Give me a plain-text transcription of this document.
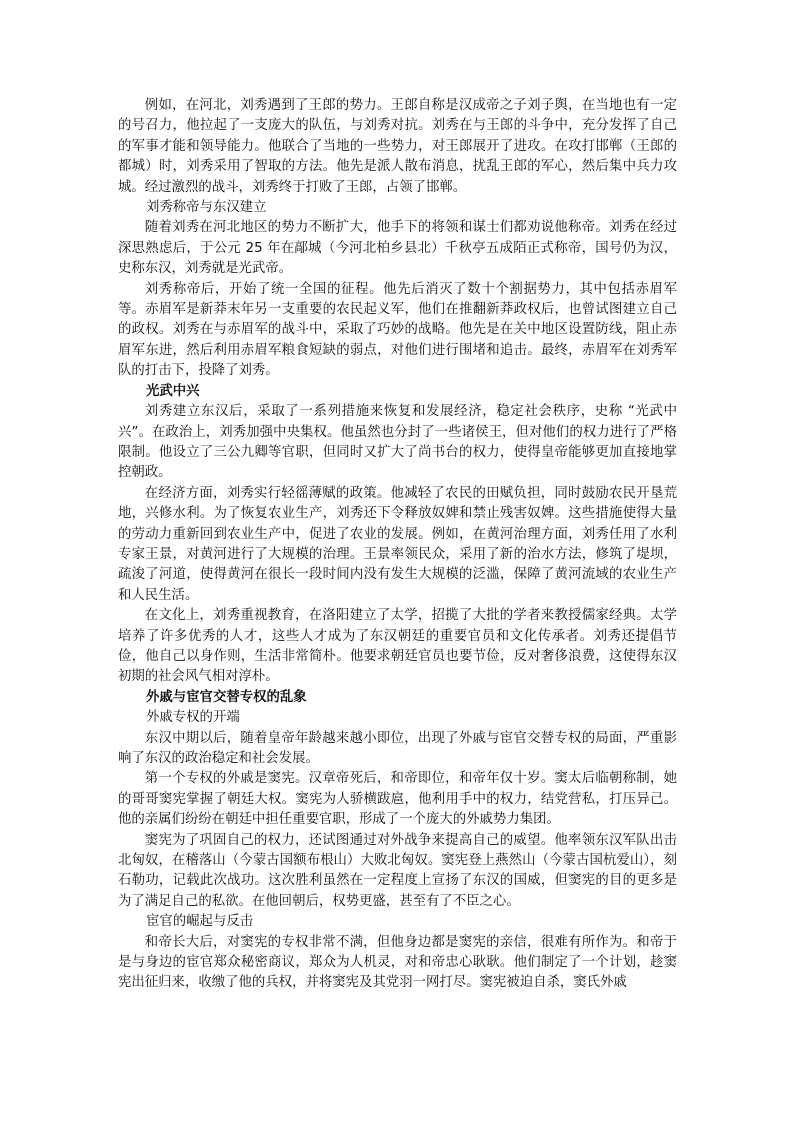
例如，在河北，刘秀遇到了王郎的势力。王郎自称是汉成帝之子刘子舆，在当地也有一定的号召力，他拉起了一支庞大的队伍，与刘秀对抗。刘秀在与王郎的斗争中，充分发挥了自己的军事才能和领导能力。他联合了当地的一些势力，对王郎展开了进攻。在攻打邯郸（王郎的都城）时，刘秀采用了智取的方法。他先是派人散布消息，扰乱王郎的军心，然后集中兵力攻城。经过激烈的战斗，刘秀终于打败了王郎，占领了邯郸。

刘秀称帝与东汉建立

随着刘秀在河北地区的势力不断扩大，他手下的将领和谋士们都劝说他称帝。刘秀在经过深思熟虑后，于公元 25 年在鄗城（今河北柏乡县北）千秋亭五成陌正式称帝，国号仍为汉，史称东汉，刘秀就是光武帝。

刘秀称帝后，开始了统一全国的征程。他先后消灭了数十个割据势力，其中包括赤眉军等。赤眉军是新莽末年另一支重要的农民起义军，他们在推翻新莽政权后，也曾试图建立自己的政权。刘秀在与赤眉军的战斗中，采取了巧妙的战略。他先是在关中地区设置防线，阻止赤眉军东进，然后利用赤眉军粮食短缺的弱点，对他们进行围堵和追击。最终，赤眉军在刘秀军队的打击下，投降了刘秀。

光武中兴

刘秀建立东汉后，采取了一系列措施来恢复和发展经济，稳定社会秩序，史称 “光武中兴”。在政治上，刘秀加强中央集权。他虽然也分封了一些诸侯王，但对他们的权力进行了严格限制。他设立了三公九卿等官职，但同时又扩大了尚书台的权力，使得皇帝能够更加直接地掌控朝政。

在经济方面，刘秀实行轻徭薄赋的政策。他减轻了农民的田赋负担，同时鼓励农民开垦荒地，兴修水利。为了恢复农业生产，刘秀还下令释放奴婢和禁止残害奴婢。这些措施使得大量的劳动力重新回到农业生产中，促进了农业的发展。例如，在黄河治理方面，刘秀任用了水利专家王景，对黄河进行了大规模的治理。王景率领民众，采用了新的治水方法，修筑了堤坝，疏浚了河道，使得黄河在很长一段时间内没有发生大规模的泛滥，保障了黄河流域的农业生产和人民生活。

在文化上，刘秀重视教育，在洛阳建立了太学，招揽了大批的学者来教授儒家经典。太学培养了许多优秀的人才，这些人才成为了东汉朝廷的重要官员和文化传承者。刘秀还提倡节俭，他自己以身作则，生活非常简朴。他要求朝廷官员也要节俭，反对奢侈浪费，这使得东汉初期的社会风气相对淳朴。

外戚与宦官交替专权的乱象

外戚专权的开端

东汉中期以后，随着皇帝年龄越来越小即位，出现了外戚与宦官交替专权的局面，严重影响了东汉的政治稳定和社会发展。

第一个专权的外戚是窦宪。汉章帝死后，和帝即位，和帝年仅十岁。窦太后临朝称制，她的哥哥窦宪掌握了朝廷大权。窦宪为人骄横跋扈，他利用手中的权力，结党营私，打压异己。他的亲属们纷纷在朝廷中担任重要官职，形成了一个庞大的外戚势力集团。

窦宪为了巩固自己的权力，还试图通过对外战争来提高自己的威望。他率领东汉军队出击北匈奴，在稽落山（今蒙古国额布根山）大败北匈奴。窦宪登上燕然山（今蒙古国杭爱山），刻石勒功，记载此次战功。这次胜利虽然在一定程度上宣扬了东汉的国威，但窦宪的目的更多是为了满足自己的私欲。在他回朝后，权势更盛，甚至有了不臣之心。

宦官的崛起与反击

和帝长大后，对窦宪的专权非常不满，但他身边都是窦宪的亲信，很难有所作为。和帝于是与身边的宦官郑众秘密商议，郑众为人机灵，对和帝忠心耿耿。他们制定了一个计划，趁窦宪出征归来，收缴了他的兵权，并将窦宪及其党羽一网打尽。窦宪被迫自杀，窦氏外戚
